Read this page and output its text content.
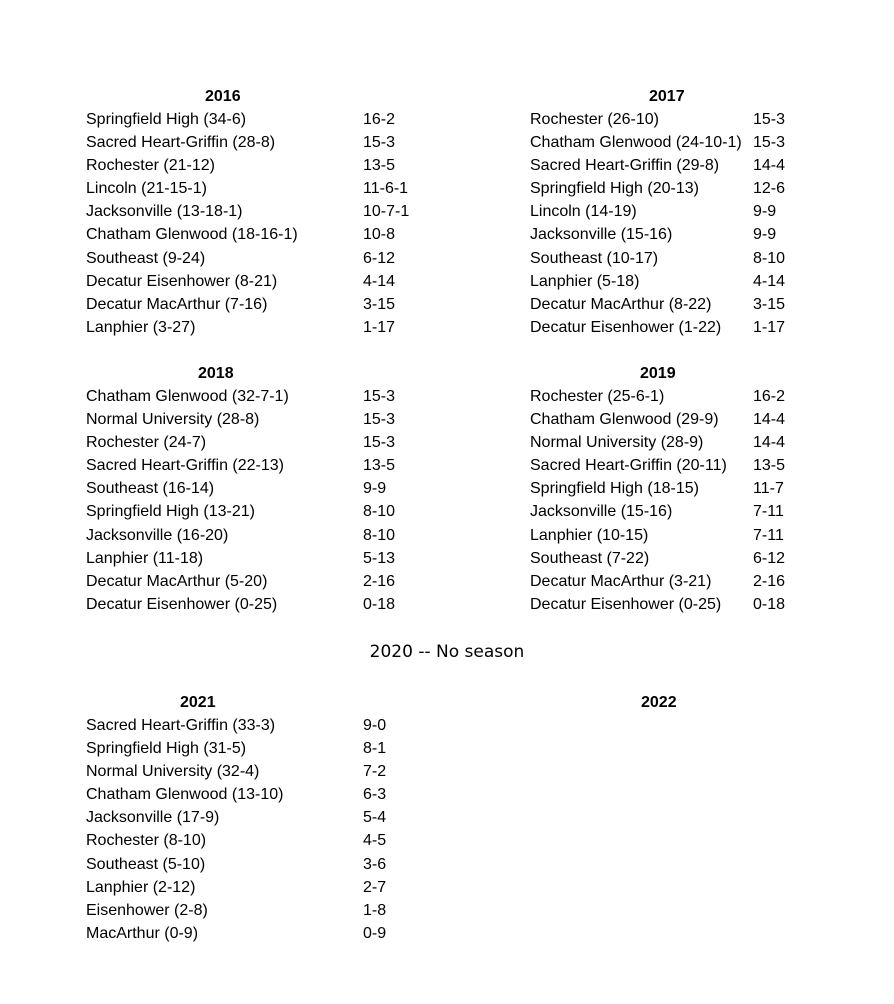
2016
Springfield High (34-6)	16-2
Sacred Heart-Griffin (28-8)	15-3
Rochester (21-12)	13-5
Lincoln (21-15-1)	11-6-1
Jacksonville (13-18-1)	10-7-1
Chatham Glenwood (18-16-1)	10-8
Southeast (9-24)	6-12
Decatur Eisenhower (8-21)	4-14
Decatur MacArthur (7-16)	3-15
Lanphier (3-27)	1-17
2017
Rochester (26-10)	15-3
Chatham Glenwood (24-10-1) 15-3
Sacred Heart-Griffin (29-8) 14-4
Springfield High (20-13)	12-6
Lincoln (14-19)	9-9
Jacksonville (15-16)	9-9
Southeast (10-17)	8-10
Lanphier (5-18)	4-14
Decatur MacArthur (8-22)	3-15
Decatur Eisenhower (1-22) 1-17
2018
Chatham Glenwood (32-7-1)	15-3
Normal University (28-8)	15-3
Rochester (24-7)	15-3
Sacred Heart-Griffin (22-13)	13-5
Southeast (16-14)	9-9
Springfield High (13-21)	8-10
Jacksonville (16-20)	8-10
Lanphier (11-18)	5-13
Decatur MacArthur (5-20)	2-16
Decatur Eisenhower (0-25)	0-18
2019
Rochester (25-6-1)	16-2
Chatham Glenwood (29-9) 14-4
Normal University (28-9)	14-4
Sacred Heart-Griffin (20-11) 13-5
Springfield High (18-15)	11-7
Jacksonville (15-16)	7-11
Lanphier (10-15)	7-11
Southeast (7-22)	6-12
Decatur MacArthur (3-21)	2-16
Decatur Eisenhower (0-25) 0-18
2020 -- No season
2021
Sacred Heart-Griffin (33-3)	9-0
Springfield High (31-5)	8-1
Normal University (32-4)	7-2
Chatham Glenwood (13-10)	6-3
Jacksonville (17-9)	5-4
Rochester (8-10)	4-5
Southeast (5-10)	3-6
Lanphier (2-12)	2-7
Eisenhower (2-8)	1-8
MacArthur (0-9)	0-9
2022
